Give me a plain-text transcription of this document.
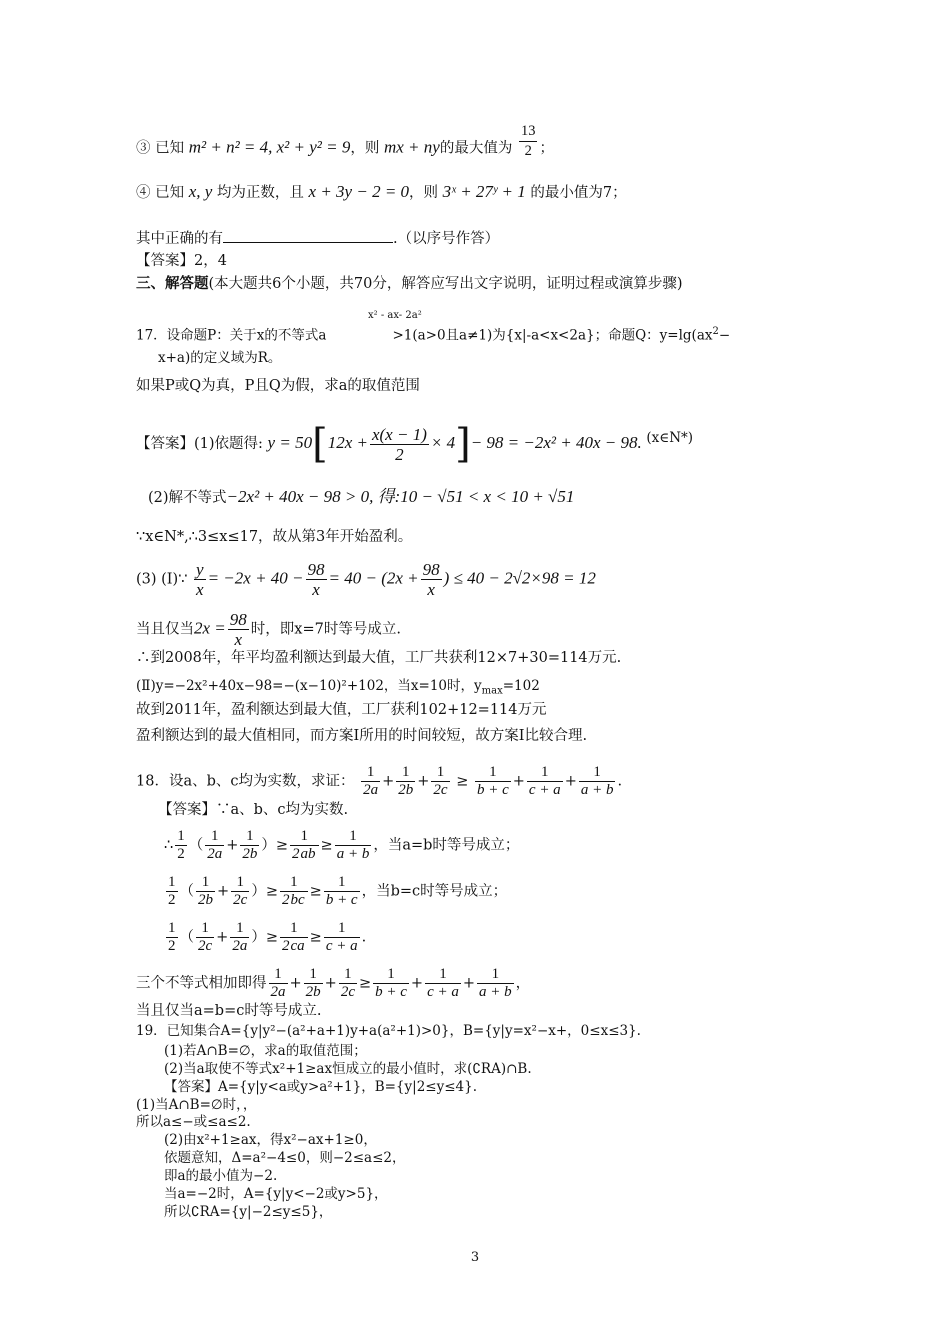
③ 已知 m² + n² = 4, x² + y² = 9，则 mx + ny的最大值为 $\frac{13}{2}$ ；
④ 已知 x, y 均为正数，且 x + 3y − 2 = 0，则 3ˣ + 27ʸ + 1 的最小值为7；
其中正确的有	.（以序号作答）
【答案】2，4
三、解答题(本大题共6个小题，共70分，解答应写出文字说明，证明过程或演算步骤)
x² - ax- 2a²
17．设命题P：关于x的不等式a	>1(a>0且a≠1)为{x|-a<x<2a}；命题Q：$y=\lg(ax^2-$
x+a)的定义域为R。
如果P或Q为真，P且Q为假，求a的取值范围
【答案】(1)依题得: $y = 50[12x + \frac{x(x - 1)}{2} \times 4]- 98 = -2x^2 + 40x - 98$. (x∈N*)
(2)解不等式−2x² + 40x − 98 > 0, 得:10 − √51 < x < 10 + √51
∵x∈N*,∴3≤x≤17，故从第3年开始盈利。
(3) (Ⅰ)∵ $\frac{y}{x} = -2x + 40 - \frac{98}{x} = 40 - (2x + \frac{98}{x}$ ) ≤ 40 − 2√2×98 = 12
当且仅当$2x = \frac{98}{x}$ 时，即x=7时等号成立.
∴到2008年，年平均盈利额达到最大值，工厂共获利12×7+30=114万元.
(Ⅱ)y=−2x²+40x−98=−(x−10)²+102，当x=10时，$y_{max}=102$
故到2011年，盈利额达到最大值，工厂获利102+12=114万元
盈利额达到的最大值相同，而方案Ⅰ所用的时间较短，故方案Ⅰ比较合理.
18．设a、b、c均为实数，求证： $\frac{1}{2a} + \frac{1}{2b} + \frac{1}{2c} \ge \frac{1}{b + c} + \frac{1}{c + a} + \frac{1}{a + b}$ .
【答案】∵a、b、c均为实数.
∴ $\frac{1}{2}$ （ $\frac{1}{2a} + \frac{1}{2b}$ ）≥ $\frac{1}{2ab} \ge \frac{1}{a + b}$ ，当a=b时等号成立；
$\frac{1}{2}$ （ $\frac{1}{2b} + \frac{1}{2c}$ ）≥ $\frac{1}{2bc} \ge \frac{1}{b + c}$ ，当b=c时等号成立；
$\frac{1}{2}$ （ $\frac{1}{2c} + \frac{1}{2a}$ ）≥ $\frac{1}{2ca} \ge \frac{1}{c + a}$ .
三个不等式相加即得 $\frac{1}{2a} + \frac{1}{2b} + \frac{1}{2c} \ge \frac{1}{b + c} + \frac{1}{c + a} + \frac{1}{a + b}$ ，
当且仅当a=b=c时等号成立.
19．已知集合A={y|y²−(a²+a+1)y+a(a²+1)>0}，B={y|y=x²−x+，0≤x≤3}.
(1)若A∩B=∅，求a的取值范围；
(2)当a取使不等式x²+1≥ax恒成立的最小值时，求(∁RA)∩B.
【答案】A={y|y<a或y>a²+1}，B={y|2≤y≤4}.
(1)当A∩B=∅时，，
所以a≤−或≤a≤2.
(2)由x²+1≥ax，得x²−ax+1≥0，
依题意知，Δ=a²−4≤0，则−2≤a≤2，
即a的最小值为−2.
当a=−2时，A={y|y<−2或y>5}，
所以∁RA={y|−2≤y≤5}，
3
